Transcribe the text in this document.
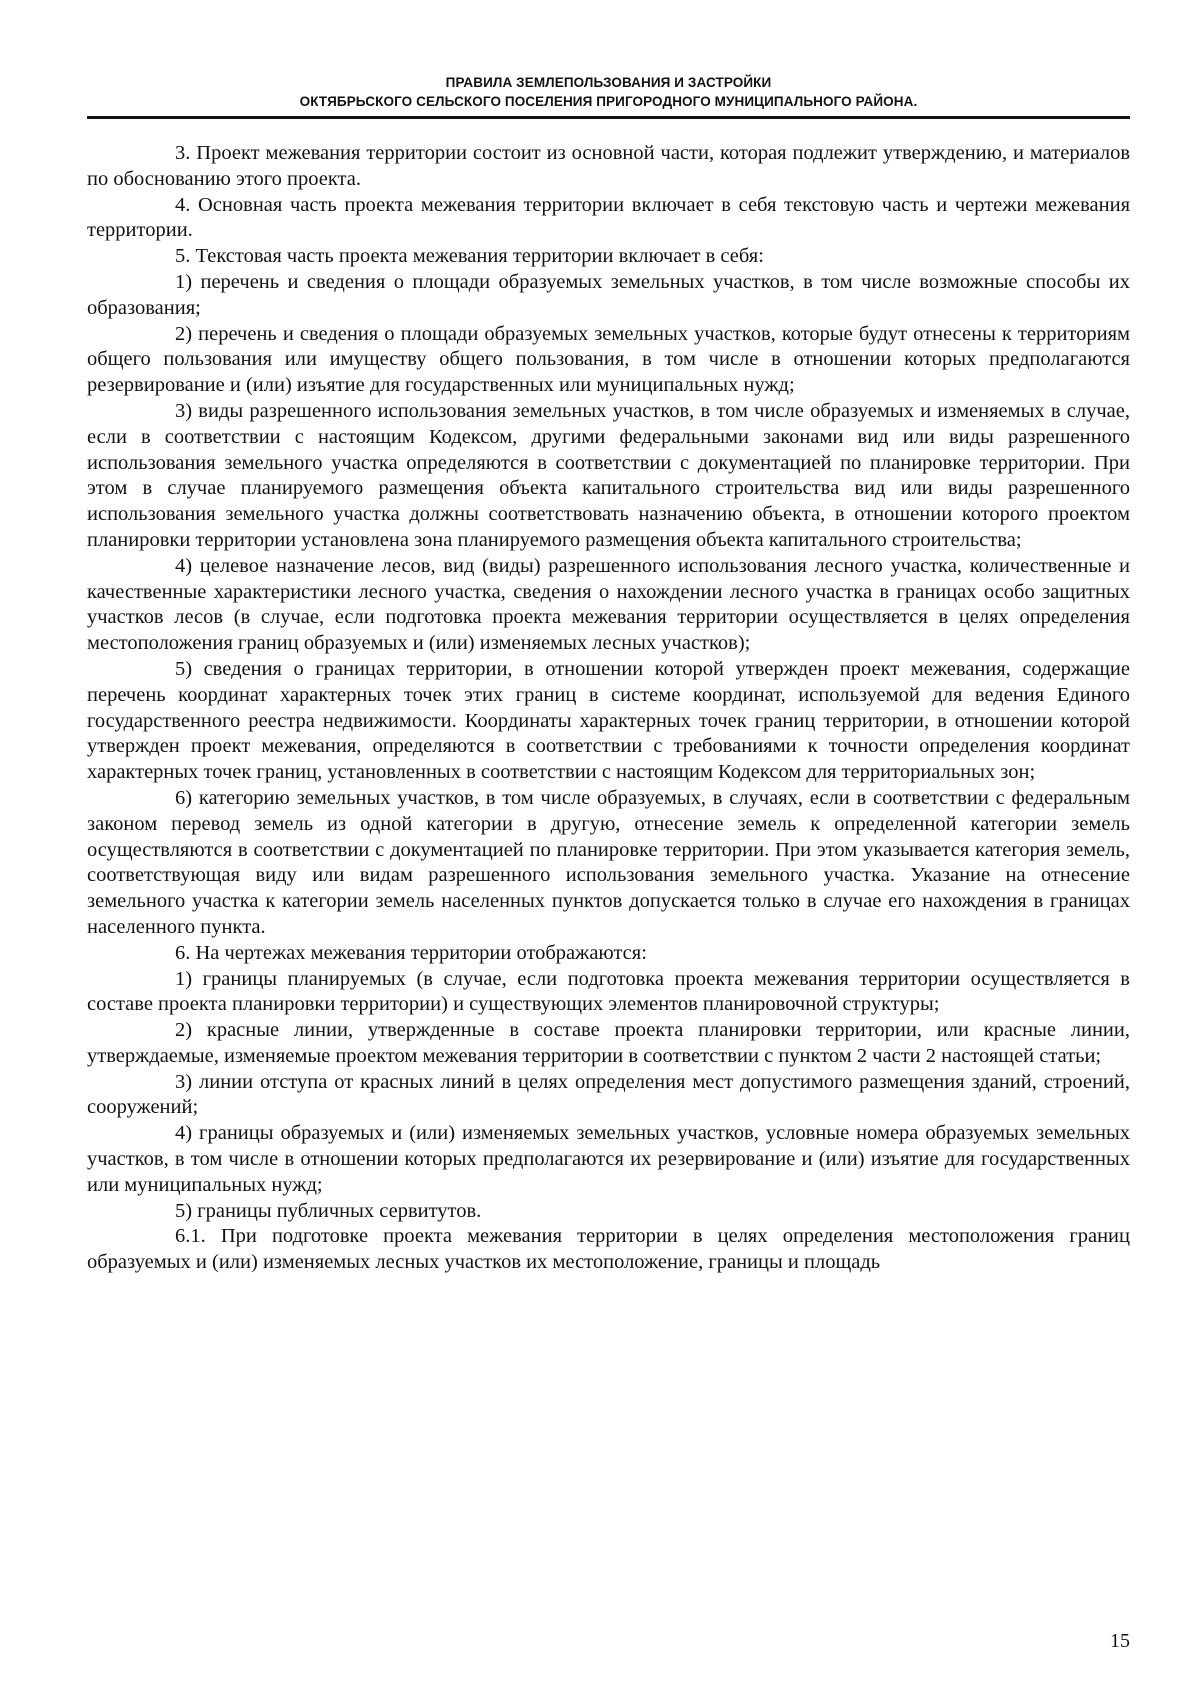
ПРАВИЛА ЗЕМЛЕПОЛЬЗОВАНИЯ И ЗАСТРОЙКИ
ОКТЯБРЬСКОГО СЕЛЬСКОГО ПОСЕЛЕНИЯ ПРИГОРОДНОГО МУНИЦИПАЛЬНОГО РАЙОНА.

3. Проект межевания территории состоит из основной части, которая подлежит утверждению, и материалов по обоснованию этого проекта.

4. Основная часть проекта межевания территории включает в себя текстовую часть и чертежи межевания территории.

5. Текстовая часть проекта межевания территории включает в себя:

1) перечень и сведения о площади образуемых земельных участков, в том числе возможные способы их образования;

2) перечень и сведения о площади образуемых земельных участков, которые будут отнесены к территориям общего пользования или имуществу общего пользования, в том числе в отношении которых предполагаются резервирование и (или) изъятие для государственных или муниципальных нужд;

3) виды разрешенного использования земельных участков, в том числе образуемых и изменяемых в случае, если в соответствии с настоящим Кодексом, другими федеральными законами вид или виды разрешенного использования земельного участка определяются в соответствии с документацией по планировке территории. При этом в случае планируемого размещения объекта капитального строительства вид или виды разрешенного использования земельного участка должны соответствовать назначению объекта, в отношении которого проектом планировки территории установлена зона планируемого размещения объекта капитального строительства;

4) целевое назначение лесов, вид (виды) разрешенного использования лесного участка, количественные и качественные характеристики лесного участка, сведения о нахождении лесного участка в границах особо защитных участков лесов (в случае, если подготовка проекта межевания территории осуществляется в целях определения местоположения границ образуемых и (или) изменяемых лесных участков);

5) сведения о границах территории, в отношении которой утвержден проект межевания, содержащие перечень координат характерных точек этих границ в системе координат, используемой для ведения Единого государственного реестра недвижимости. Координаты характерных точек границ территории, в отношении которой утвержден проект межевания, определяются в соответствии с требованиями к точности определения координат характерных точек границ, установленных в соответствии с настоящим Кодексом для территориальных зон;

6) категорию земельных участков, в том числе образуемых, в случаях, если в соответствии с федеральным законом перевод земель из одной категории в другую, отнесение земель к определенной категории земель осуществляются в соответствии с документацией по планировке территории. При этом указывается категория земель, соответствующая виду или видам разрешенного использования земельного участка. Указание на отнесение земельного участка к категории земель населенных пунктов допускается только в случае его нахождения в границах населенного пункта.

6. На чертежах межевания территории отображаются:

1) границы планируемых (в случае, если подготовка проекта межевания территории осуществляется в составе проекта планировки территории) и существующих элементов планировочной структуры;

2) красные линии, утвержденные в составе проекта планировки территории, или красные линии, утверждаемые, изменяемые проектом межевания территории в соответствии с пунктом 2 части 2 настоящей статьи;

3) линии отступа от красных линий в целях определения мест допустимого размещения зданий, строений, сооружений;

4) границы образуемых и (или) изменяемых земельных участков, условные номера образуемых земельных участков, в том числе в отношении которых предполагаются их резервирование и (или) изъятие для государственных или муниципальных нужд;

5) границы публичных сервитутов.

6.1. При подготовке проекта межевания территории в целях определения местоположения границ образуемых и (или) изменяемых лесных участков их местоположение, границы и площадь

15
